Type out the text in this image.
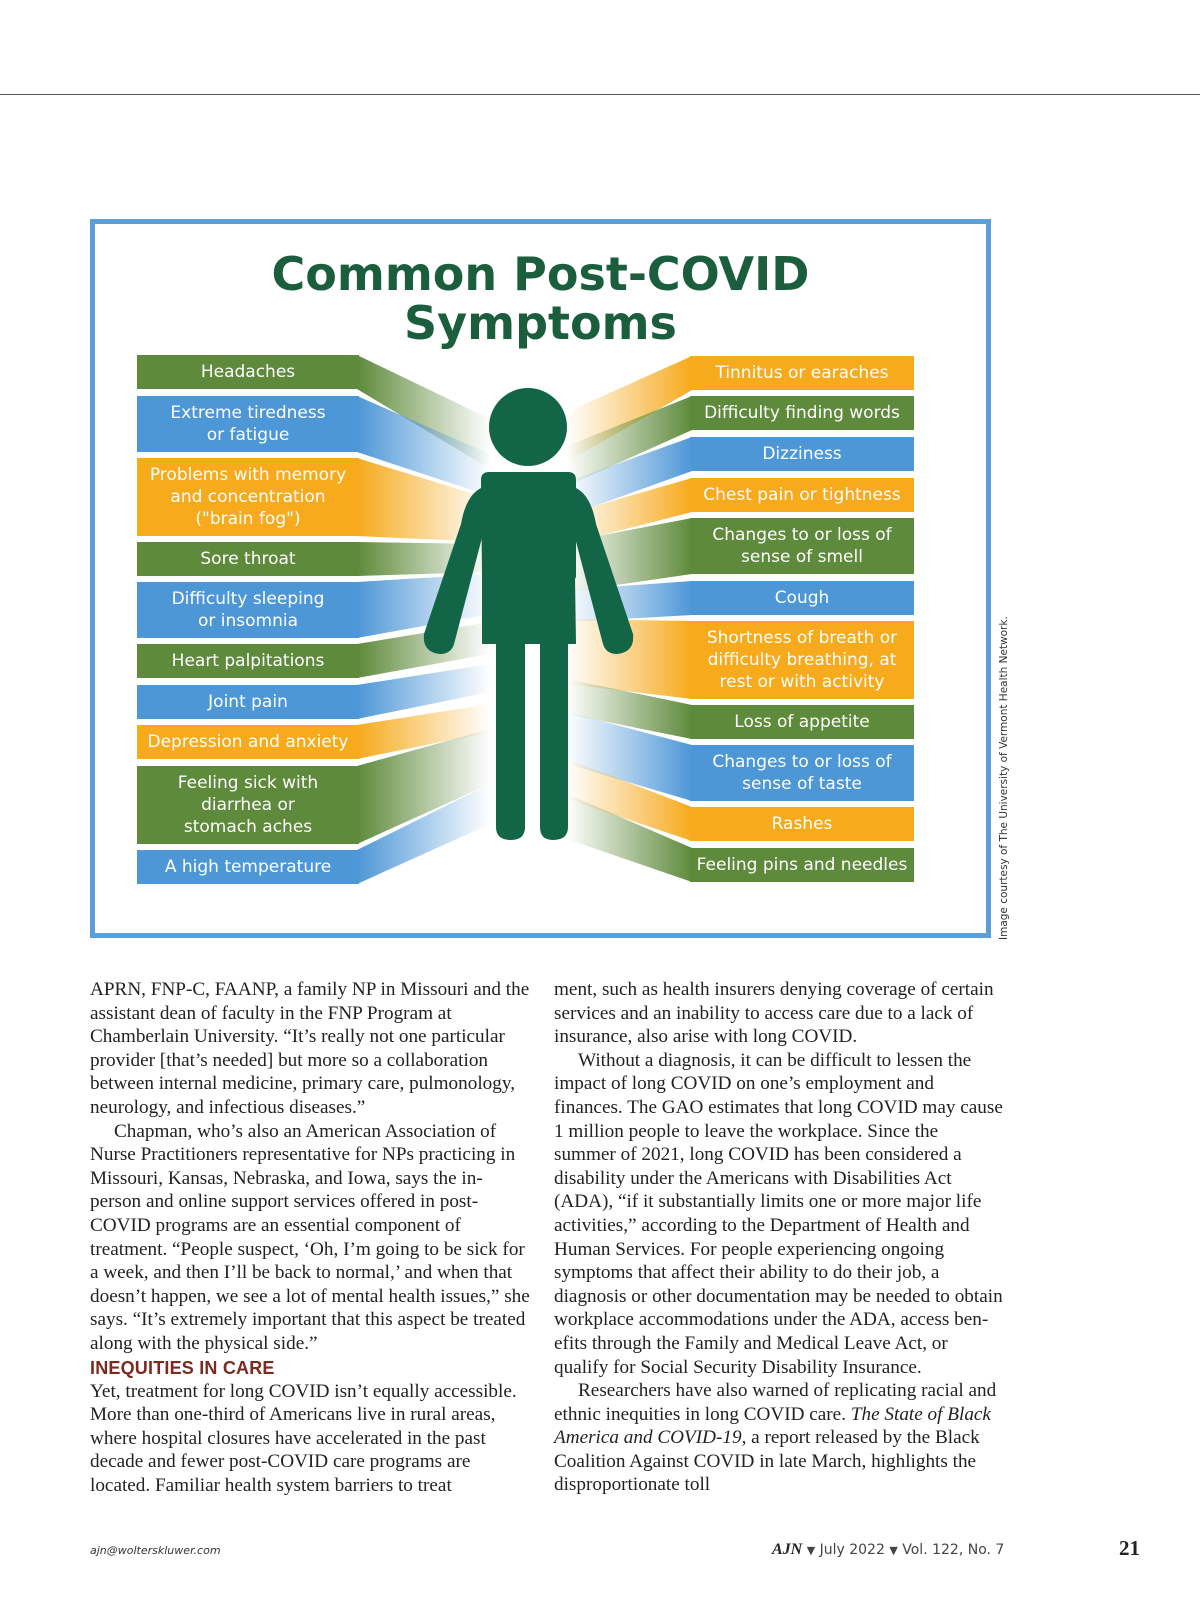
Common Post-COVID
Symptoms
Headaches
Extreme tiredness
or fatigue
Problems with memory
and concentration
("brain fog")
Sore throat
Difficulty sleeping
or insomnia
Heart palpitations
Joint pain
Depression and anxiety
Feeling sick with
diarrhea or
stomach aches
A high temperature
Tinnitus or earaches
Difficulty finding words
Dizziness
Chest pain or tightness
Changes to or loss of
sense of smell
Cough
Shortness of breath or
difficulty breathing, at
rest or with activity
Loss of appetite
Changes to or loss of
sense of taste
Rashes
Feeling pins and needles	Image courtesy of The University of Vermont Health Network.

APRN, FNP-C, FAANP, a family NP in Missouri and the assistant dean of faculty in the FNP Program at Chamberlain University. “It’s really not one particular provider [that’s needed] but more so a collaboration between internal medicine, primary care, pulmonology, neurology, and infectious diseases.”

Chapman, who’s also an American Association of Nurse Practitioners representative for NPs practicing in Missouri, Kansas, Nebraska, and Iowa, says the in-person and online support services offered in post-COVID programs are an essential component of treatment. “People suspect, ‘Oh, I’m going to be sick for a week, and then I’ll be back to normal,’ and when that doesn’t happen, we see a lot of mental health issues,” she says. “It’s extremely important that this aspect be treated along with the physical side.”

INEQUITIES IN CARE

Yet, treatment for long COVID isn’t equally accessible. More than one-third of Americans live in rural areas, where hospital closures have accelerated in the past decade and fewer post-COVID care programs are located. Familiar health system barriers to treat

ment, such as health insurers denying coverage of certain services and an inability to access care due to a lack of insurance, also arise with long COVID.

Without a diagnosis, it can be difficult to lessen the impact of long COVID on one’s employment and finances. The GAO estimates that long COVID may cause 1 million people to leave the workplace. Since the summer of 2021, long COVID has been considered a disability under the Americans with Disabilities Act (ADA), “if it substantially limits one or more major life activities,” according to the Department of Health and Human Services. For people experiencing ongoing symptoms that affect their ability to do their job, a diagnosis or other documentation may be needed to obtain workplace accommodations under the ADA, access benefits through the Family and Medical Leave Act, or qualify for Social Security Disability Insurance.

Researchers have also warned of replicating racial and ethnic inequities in long COVID care. The State of Black America and COVID-19, a report released by the Black Coalition Against COVID in late March, highlights the disproportionate toll

ajn@wolterskluwer.com	AJN ▼ July 2022 ▼ Vol. 122, No. 7	21
